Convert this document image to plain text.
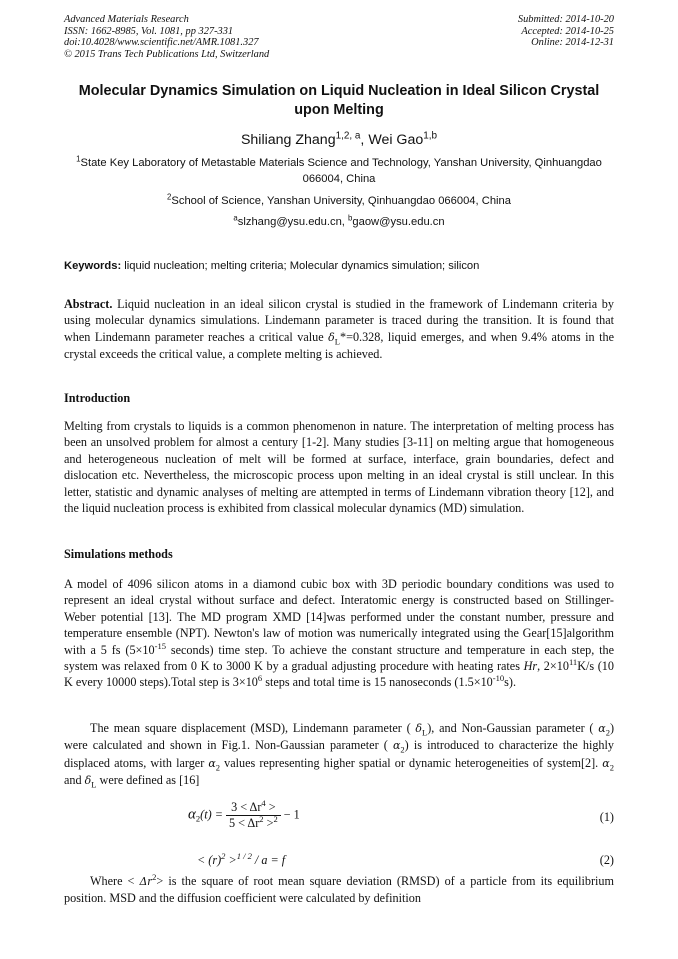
Advanced Materials Research
ISSN: 1662-8985, Vol. 1081, pp 327-331
doi:10.4028/www.scientific.net/AMR.1081.327
© 2015 Trans Tech Publications Ltd, Switzerland
Submitted: 2014-10-20
Accepted: 2014-10-25
Online: 2014-12-31
Molecular Dynamics Simulation on Liquid Nucleation in Ideal Silicon Crystal upon Melting
Shiliang Zhang$^{1,2, a}$, Wei Gao$^{1,b}$
$^1$State Key Laboratory of Metastable Materials Science and Technology, Yanshan University, Qinhuangdao 066004, China
$^2$School of Science, Yanshan University, Qinhuangdao 066004, China
$^a$slzhang@ysu.edu.cn, $^b$gaow@ysu.edu.cn
Keywords: liquid nucleation; melting criteria; Molecular dynamics simulation; silicon
Abstract. Liquid nucleation in an ideal silicon crystal is studied in the framework of Lindemann criteria by using molecular dynamics simulations. Lindemann parameter is traced during the transition. It is found that when Lindemann parameter reaches a critical value $\delta_L*=0.328$, liquid emerges, and when 9.4% atoms in the crystal exceeds the critical value, a complete melting is achieved.
Introduction
Melting from crystals to liquids is a common phenomenon in nature. The interpretation of melting process has been an unsolved problem for almost a century [1-2]. Many studies [3-11] on melting argue that homogeneous and heterogeneous nucleation of melt will be formed at surface, interface, grain boundaries, defect and dislocation etc. Nevertheless, the microscopic process upon melting in an ideal crystal is still unclear. In this letter, statistic and dynamic analyses of melting are attempted in terms of Lindemann vibration theory [12], and the liquid nucleation process is exhibited from classical molecular dynamics (MD) simulation.
Simulations methods
A model of 4096 silicon atoms in a diamond cubic box with 3D periodic boundary conditions was used to represent an ideal crystal without surface and defect. Interatomic energy is constructed based on Stillinger-Weber potential [13]. The MD program XMD [14]was performed under the constant number, pressure and temperature ensemble (NPT). Newton's law of motion was numerically integrated using the Gear[15]algorithm with a 5 fs ($5\times 10^{-15}$ seconds) time step. To achieve the constant structure and temperature in each step, the system was relaxed from 0 K to 3000 K by a gradual adjusting procedure with heating rates Hr, $2\times 10^{11}K/s$ (10 K every 10000 steps).Total step is $3\times 10^6$ steps and total time is 15 nanoseconds $(1.5\times 10^{-10}s)$.
The mean square displacement (MSD), Lindemann parameter ( $\delta_L$), and Non-Gaussian parameter ( $\alpha_2$) were calculated and shown in Fig.1. Non-Gaussian parameter ( $\alpha_2$) is introduced to characterize the highly displaced atoms, with larger $\alpha_2$ values representing higher spatial or dynamic heterogeneities of system[2]. $\alpha_2$ and $\delta_L$ were defined as [16]
$\alpha_2(t) = \frac{3 < \Delta r^4 >}{5 < \Delta r^2 >^2} - 1$	(1)
< $(r)^2 >^{1 / 2} / a = f$	(2)
Where < $\Delta r^2>$ is the square of root mean square deviation (RMSD) of a particle from its equilibrium position. MSD and the diffusion coefficient were calculated by definition
